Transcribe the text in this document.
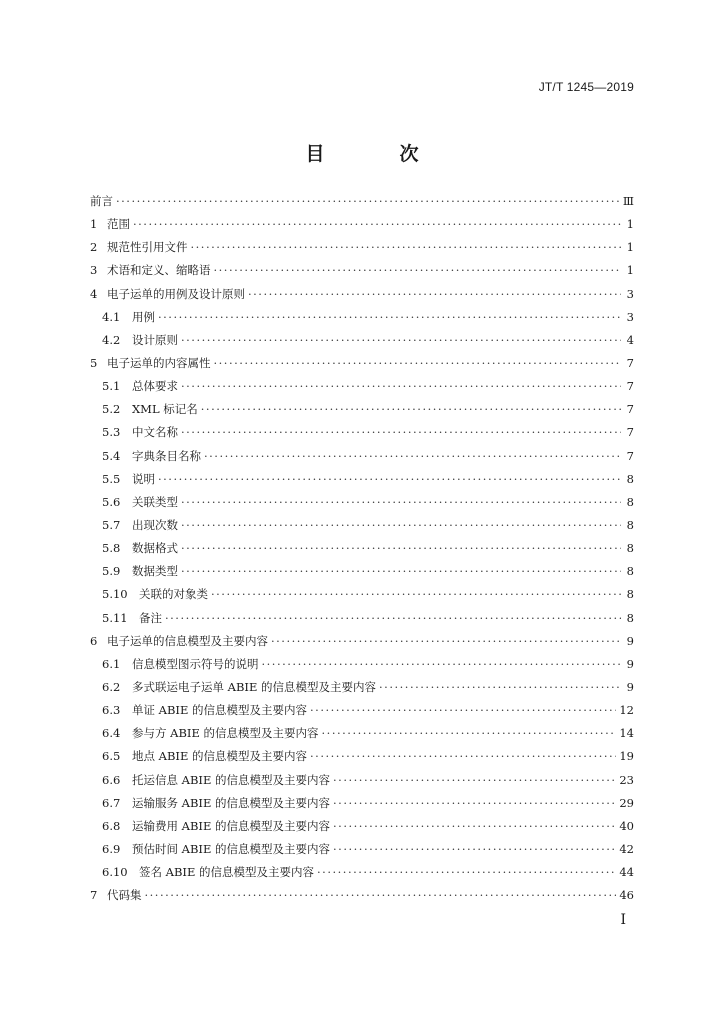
JT/T 1245—2019
目　次
前言 ·····	Ⅲ
1 范围 ·····	1
2 规范性引用文件 ·····	1
3 术语和定义、缩略语 ·····	1
4 电子运单的用例及设计原则 ·····	3
4.1	用例 ·····	3
4.2	设计原则 ·····	4
5 电子运单的内容属性 ·····	7
5.1	总体要求 ·····	7
5.2	XML 标记名 ·····	7
5.3	中文名称 ·····	7
5.4	字典条目名称 ·····	7
5.5	说明 ·····	8
5.6	关联类型 ·····	8
5.7	出现次数 ·····	8
5.8	数据格式 ·····	8
5.9	数据类型 ·····	8
5.10 关联的对象类 ·····	8
5.11 备注 ·····	8
6 电子运单的信息模型及主要内容 ·····	9
6.1	信息模型图示符号的说明 ·····	9
6.2	多式联运电子运单 ABIE 的信息模型及主要内容 ·····	9
6.3	单证 ABIE 的信息模型及主要内容 ·····	12
6.4	参与方 ABIE 的信息模型及主要内容 ·····	14
6.5	地点 ABIE 的信息模型及主要内容 ·····	19
6.6	托运信息 ABIE 的信息模型及主要内容 ·····	23
6.7	运输服务 ABIE 的信息模型及主要内容 ·····	29
6.8	运输费用 ABIE 的信息模型及主要内容 ·····	40
6.9	预估时间 ABIE 的信息模型及主要内容 ·····	42
6.10 签名 ABIE 的信息模型及主要内容 ·····	44
7 代码集 ·····	46
Ⅰ
